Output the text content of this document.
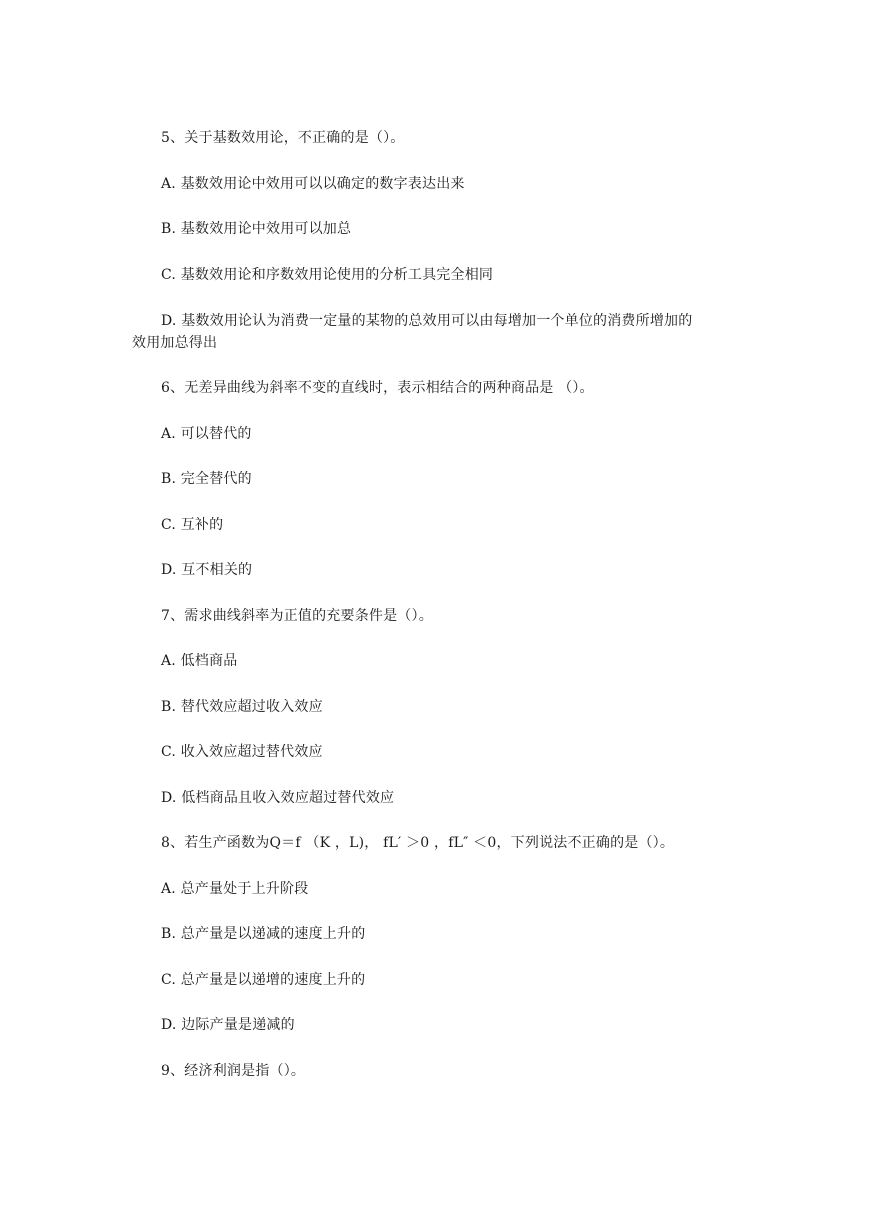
5、关于基数效用论，不正确的是（）。
A. 基数效用论中效用可以以确定的数字表达出来
B. 基数效用论中效用可以加总
C. 基数效用论和序数效用论使用的分析工具完全相同
D. 基数效用论认为消费一定量的某物的总效用可以由每增加一个单位的消费所增加的
效用加总得出
6、无差异曲线为斜率不变的直线时，表示相结合的两种商品是 （）。
A. 可以替代的
B. 完全替代的
C. 互补的
D. 互不相关的
7、需求曲线斜率为正值的充要条件是（）。
A. 低档商品
B. 替代效应超过收入效应
C. 收入效应超过替代效应
D. 低档商品且收入效应超过替代效应
8、若生产函数为Q＝f （K ，L)， fL′ ＞0 ，fL″ ＜0，下列说法不正确的是（）。
A. 总产量处于上升阶段
B. 总产量是以递减的速度上升的
C. 总产量是以递增的速度上升的
D. 边际产量是递减的
9、经济利润是指（）。
